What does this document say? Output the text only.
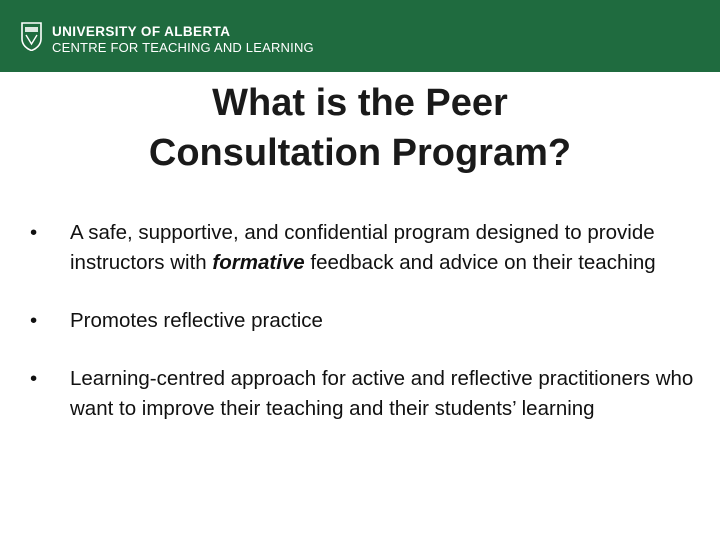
UNIVERSITY OF ALBERTA
CENTRE FOR TEACHING AND LEARNING
What is the Peer
Consultation Program?
•	A safe, supportive, and confidential program designed to provide instructors with formative feedback and advice on their teaching
•	Promotes reflective practice
•	Learning-centred approach for active and reflective practitioners who want to improve their teaching and their students’ learning
